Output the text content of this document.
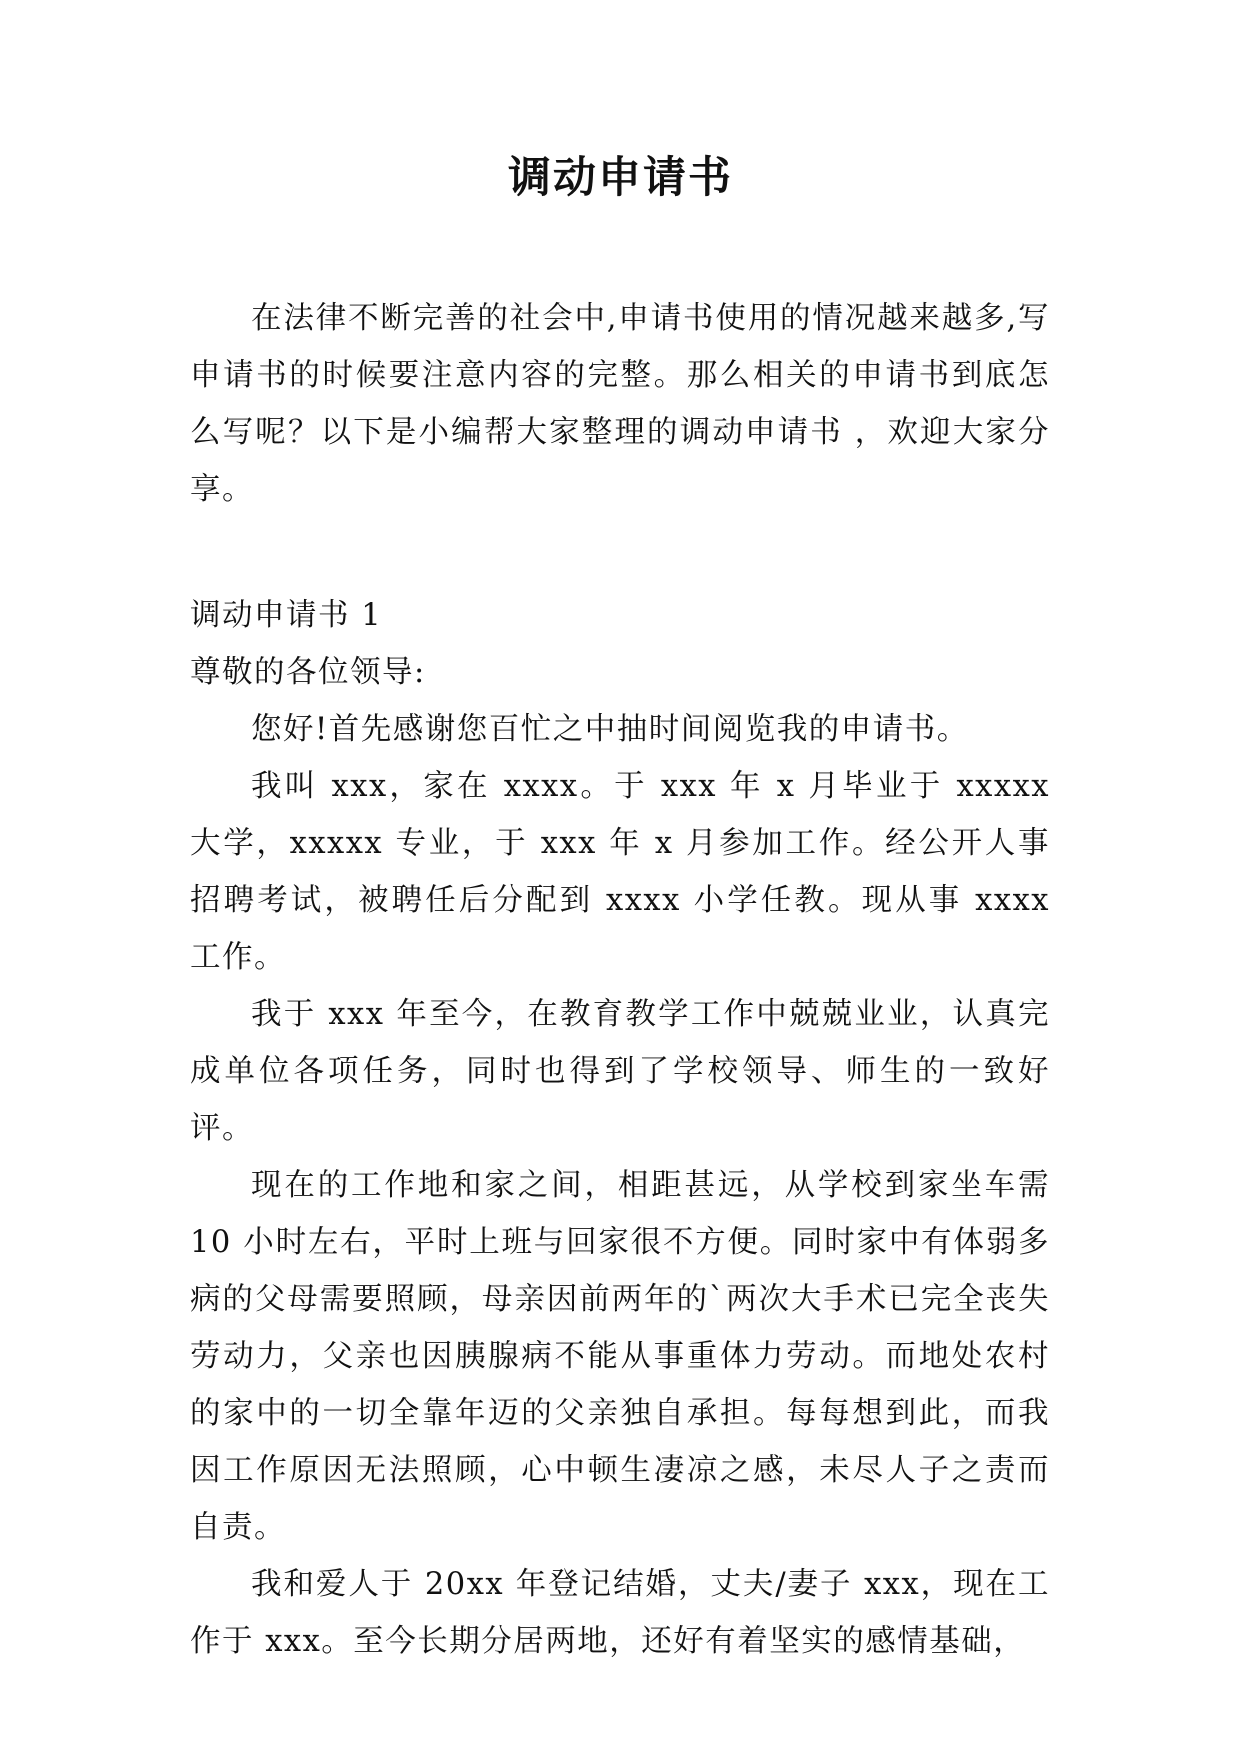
调动申请书

在法律不断完善的社会中,申请书使用的情况越来越多,写申请书的时候要注意内容的完整。那么相关的申请书到底怎么写呢？以下是小编帮大家整理的调动申请书 ，欢迎大家分享。

调动申请书 1

尊敬的各位领导:

您好!首先感谢您百忙之中抽时间阅览我的申请书。

我叫 xxx，家在 xxxx。于 xxx 年 x 月毕业于 xxxxx 大学，xxxxx 专业，于 xxx 年 x 月参加工作。经公开人事招聘考试，被聘任后分配到 xxxx 小学任教。现从事 xxxx 工作。

我于 xxx 年至今，在教育教学工作中兢兢业业，认真完成单位各项任务，同时也得到了学校领导、师生的一致好评。

现在的工作地和家之间，相距甚远，从学校到家坐车需 10 小时左右，平时上班与回家很不方便。同时家中有体弱多病的父母需要照顾，母亲因前两年的`两次大手术已完全丧失劳动力，父亲也因胰腺病不能从事重体力劳动。而地处农村的家中的一切全靠年迈的父亲独自承担。每每想到此，而我因工作原因无法照顾，心中顿生凄凉之感，未尽人子之责而自责。

我和爱人于 20xx 年登记结婚，丈夫/妻子 xxx，现在工作于 xxx。至今长期分居两地，还好有着坚实的感情基础，
